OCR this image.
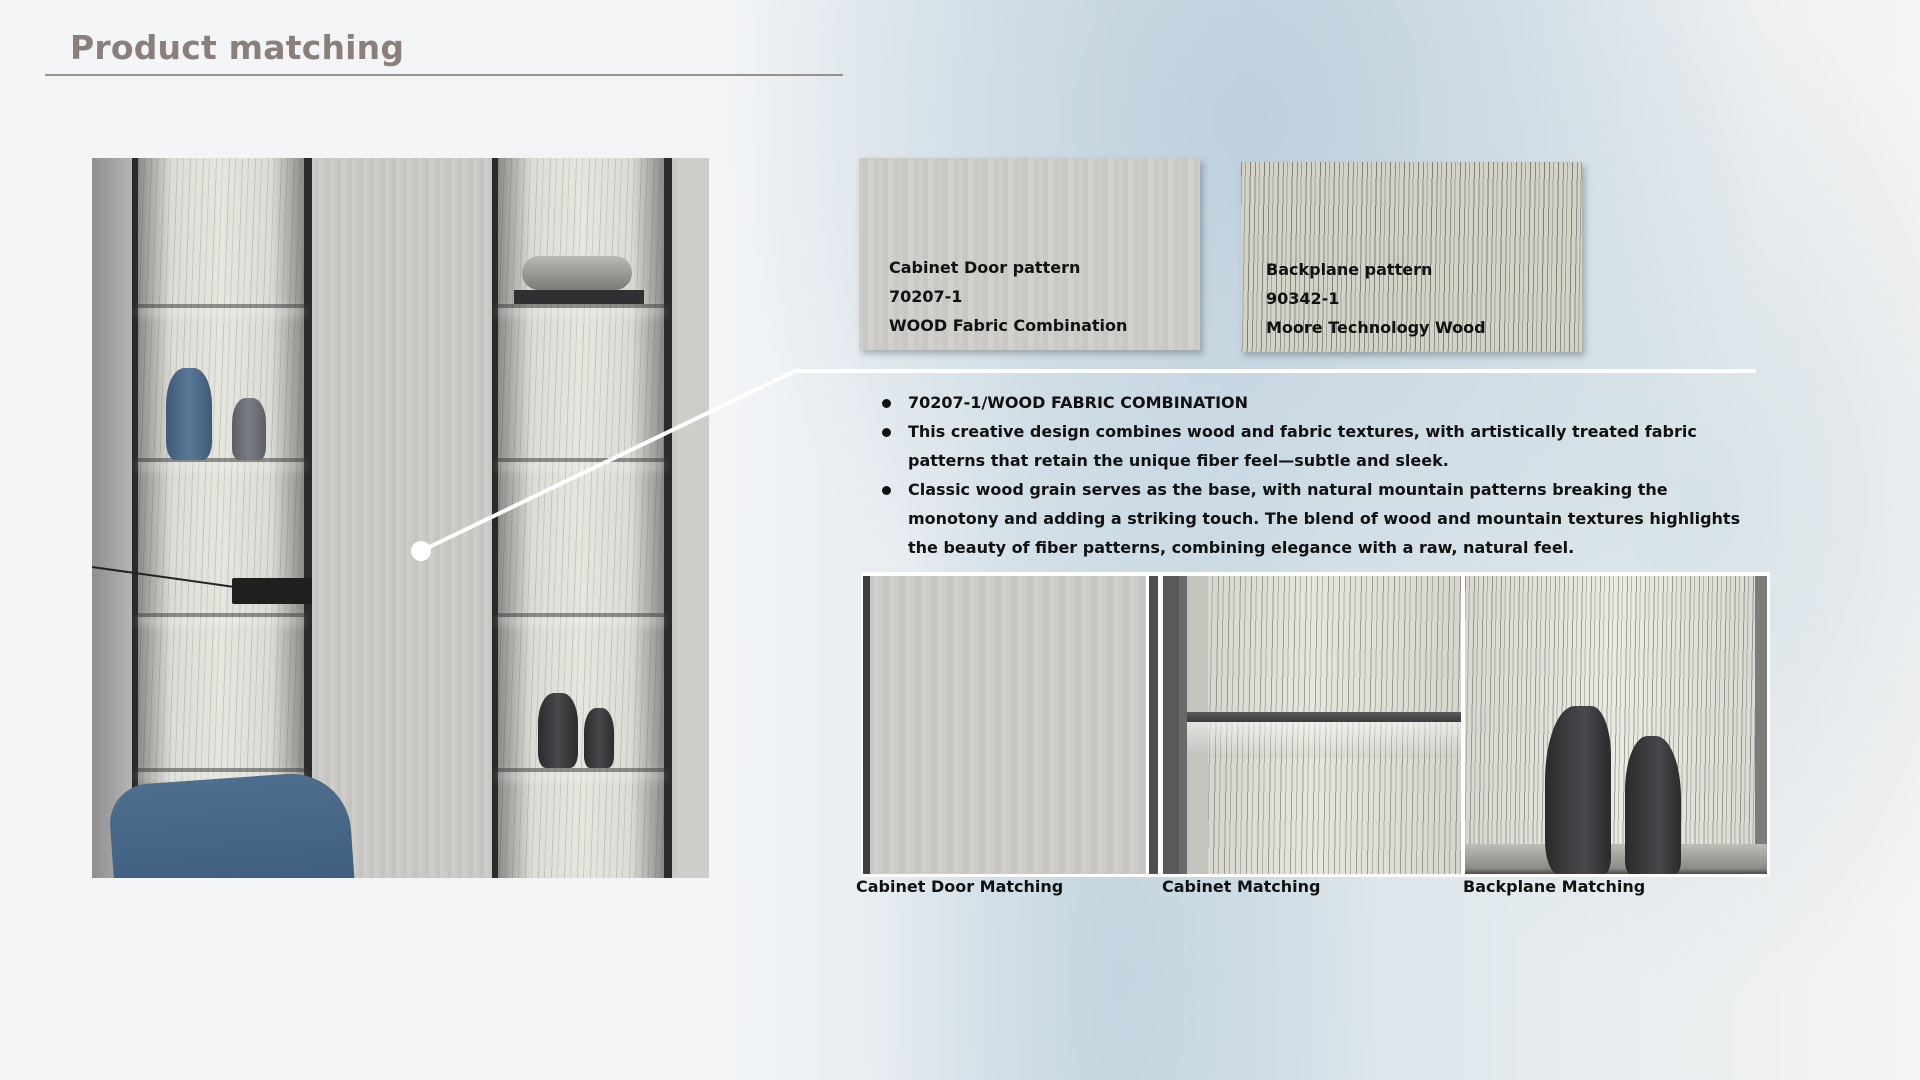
Product matching
Cabinet Door pattern
70207-1
WOOD Fabric Combination
Backplane pattern
90342-1
Moore Technology Wood
70207-1/WOOD FABRIC COMBINATION
This creative design combines wood and fabric textures, with artistically treated fabric patterns that retain the unique fiber feel—subtle and sleek.
Classic wood grain serves as the base, with natural mountain patterns breaking the monotony and adding a striking touch. The blend of wood and mountain textures highlights the beauty of fiber patterns, combining elegance with a raw, natural feel.
Cabinet Door Matching	Cabinet Matching	Backplane Matching
